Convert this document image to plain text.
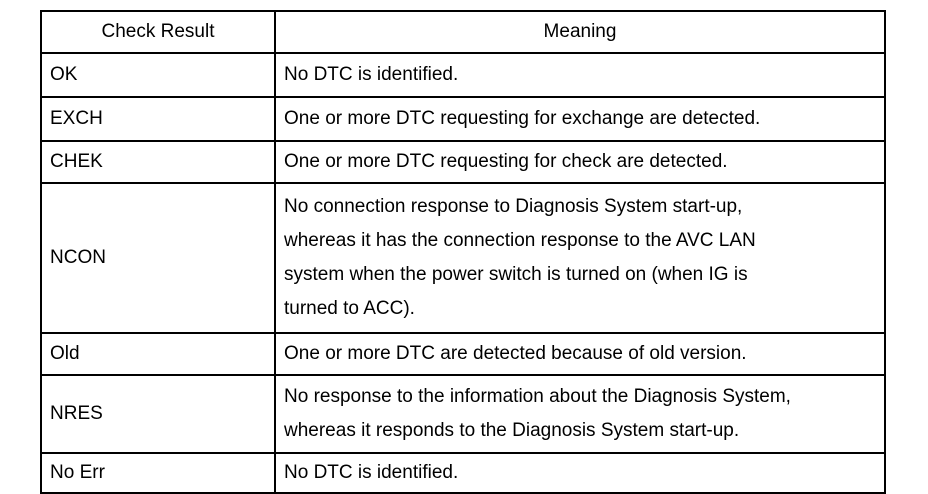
Check Result	Meaning
OK	No DTC is identified.

EXCH	One or more DTC requesting for exchange are detected.

CHEK	One or more DTC requesting for check are detected.

NCON	No connection response to Diagnosis System start-up,
whereas it has the connection response to the AVC LAN
system when the power switch is turned on (when IG is
turned to ACC).

Old	One or more DTC are detected because of old version.

NRES	No response to the information about the Diagnosis System,
whereas it responds to the Diagnosis System start-up.

No Err	No DTC is identified.
